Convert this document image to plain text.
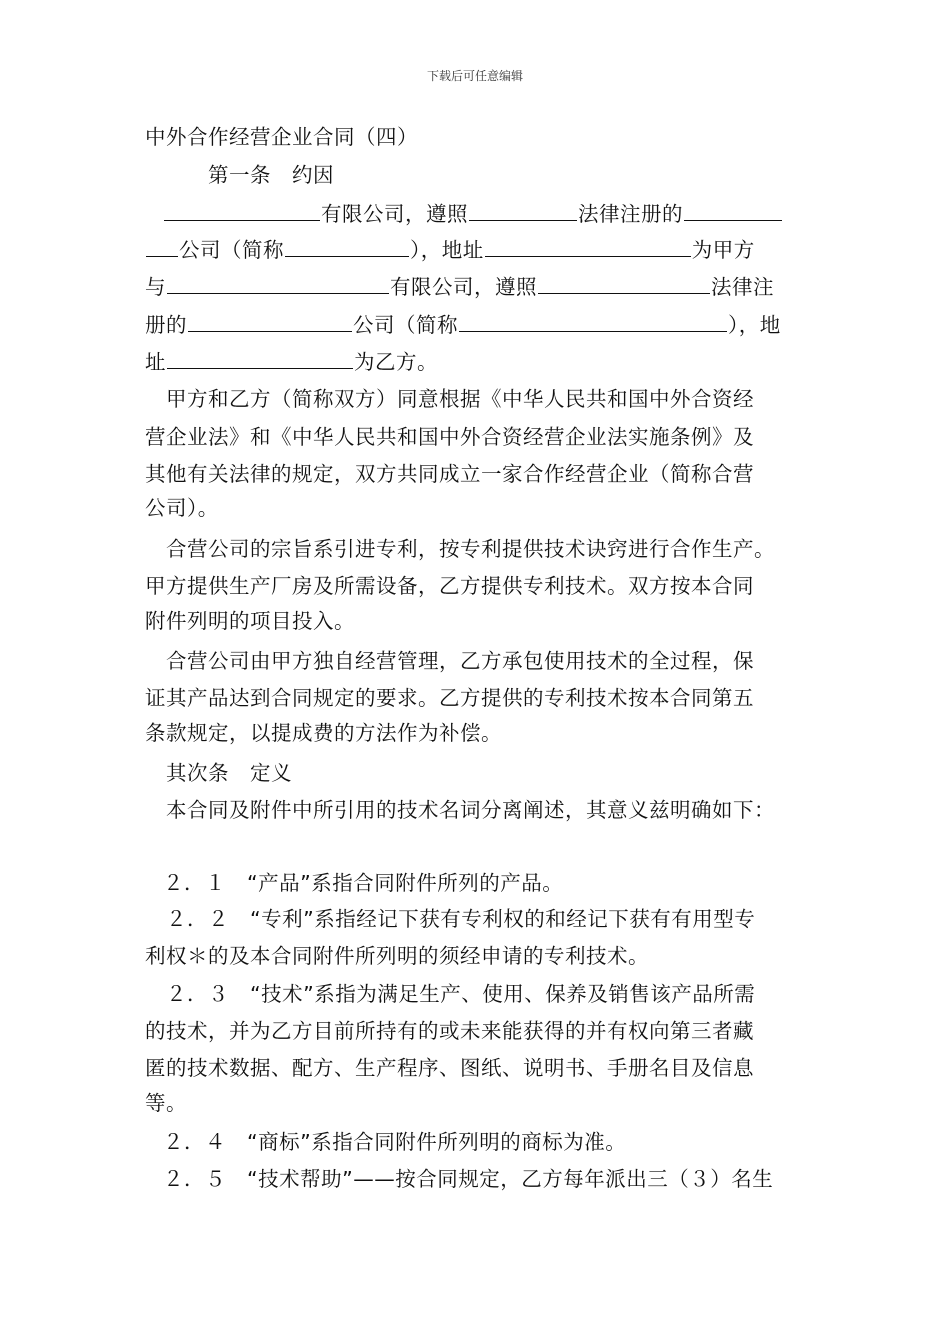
下载后可任意编辑
中外合作经营企业合同（四）
第一条　约因
有限公司，遵照	法律注册的
公司（简称	），地址	为甲方
与	有限公司，遵照	法律注
册的	公司（简称	），地
址	为乙方。
甲方和乙方（简称双方）同意根据《中华人民共和国中外合资经
营企业法》和《中华人民共和国中外合资经营企业法实施条例》及
其他有关法律的规定，双方共同成立一家合作经营企业（简称合营
公司）。
合营公司的宗旨系引进专利，按专利提供技术诀窍进行合作生产。
甲方提供生产厂房及所需设备，乙方提供专利技术。双方按本合同
附件列明的项目投入。
合营公司由甲方独自经营管理，乙方承包使用技术的全过程，保
证其产品达到合同规定的要求。乙方提供的专利技术按本合同第五
条款规定，以提成费的方法作为补偿。
其次条　定义
本合同及附件中所引用的技术名词分离阐述，其意义兹明确如下：
２．１　“产品”系指合同附件所列的产品。
２．２　“专利”系指经记下获有专利权的和经记下获有有用型专
利权＊的及本合同附件所列明的须经申请的专利技术。
２．３　“技术”系指为满足生产、使用、保养及销售该产品所需
的技术，并为乙方目前所持有的或未来能获得的并有权向第三者藏
匿的技术数据、配方、生产程序、图纸、说明书、手册名目及信息
等。
２．４　“商标”系指合同附件所列明的商标为准。
２．５　“技术帮助”——按合同规定，乙方每年派出三（３）名生
